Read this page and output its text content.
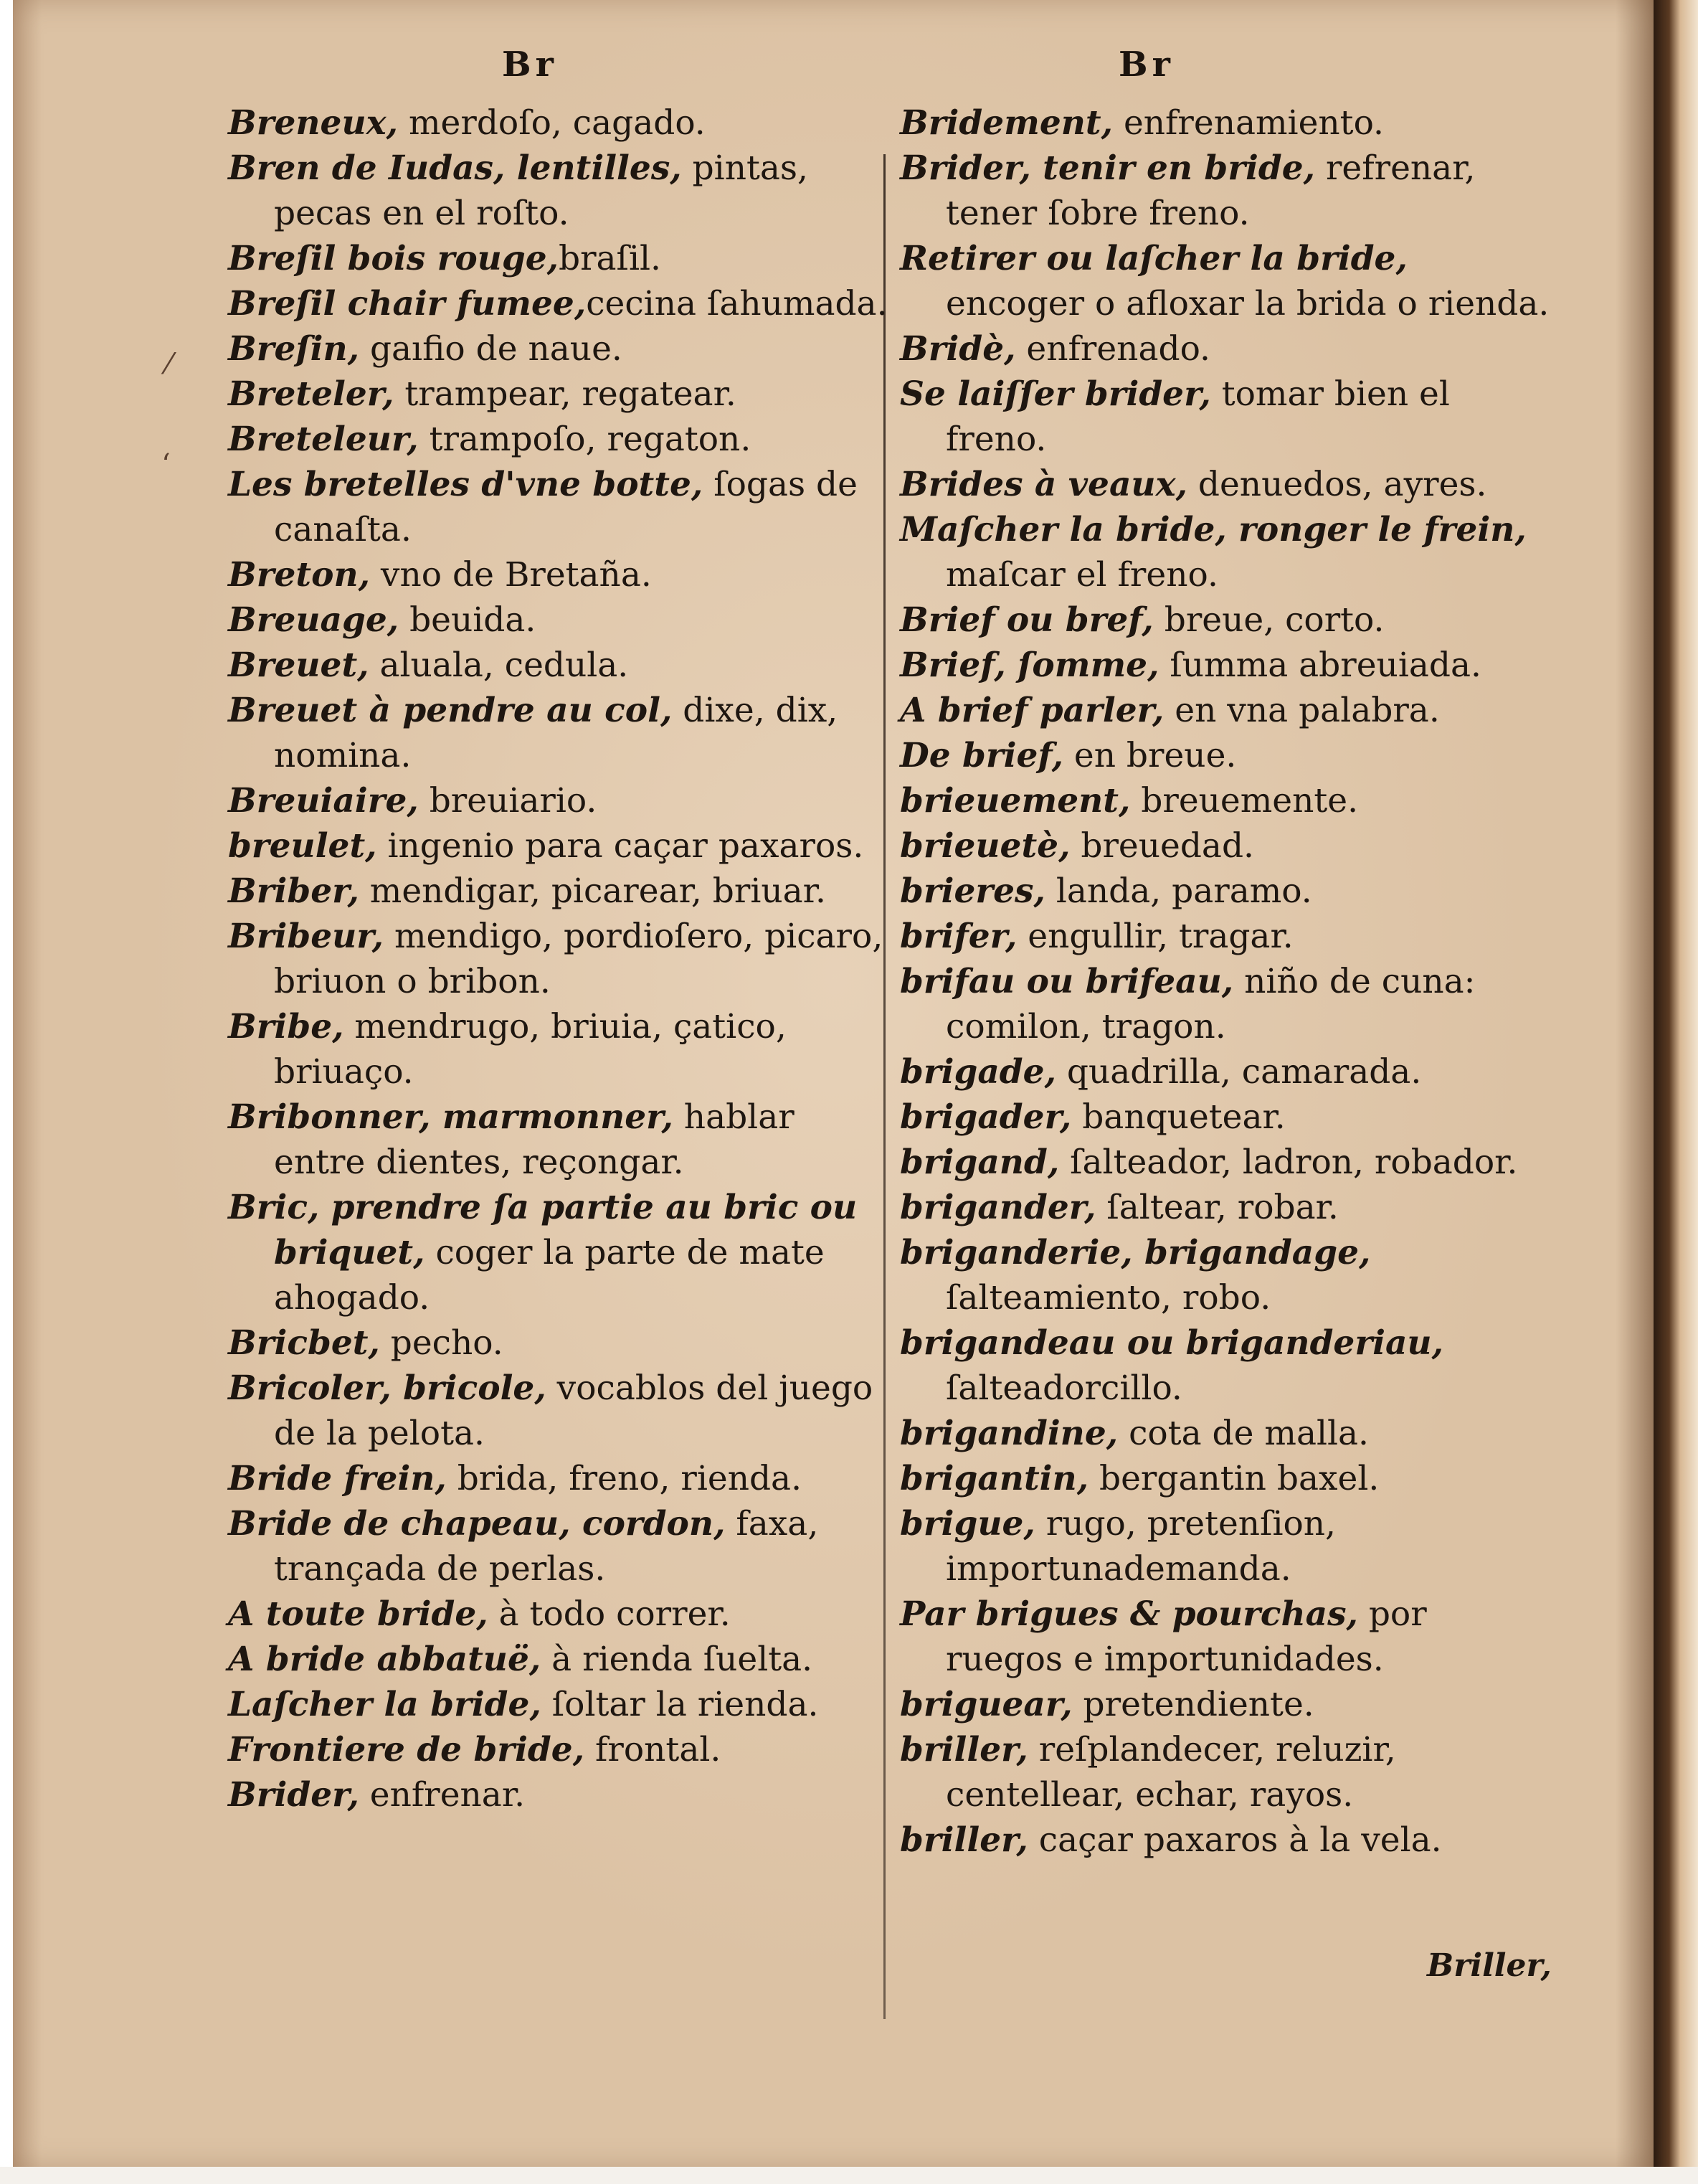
Br	Br
⁄
‘
Breneux, merdoſo, cagado.
Bren de Iudas, lentilles, pintas, pecas en el roſto.
Breſil bois rouge,braſil.
Breſil chair fumee,cecina ſahumada.
Breſin, gaıfio de naue.
Breteler, trampear, regatear.
Breteleur, trampoſo, regaton.
Les bretelles d'vne botte, ſogas de canaſta.
Breton, vno de Bretaña.
Breuage, beuida.
Breuet, aluala, cedula.
Breuet à pendre au col, dixe, dix, nomina.
Breuiaire, breuiario.
breulet, ingenio para caçar paxaros.
Briber, mendigar, picarear, briuar.
Bribeur, mendigo, pordioſero, picaro, briuon o bribon.
Bribe, mendrugo, briuia, çatico, briuaço.
Bribonner, marmonner, hablar entre dientes, reçongar.
Bric, prendre ſa partie au bric ou briquet, coger la parte de mate ahogado.
Bricbet, pecho.
Bricoler, bricole, vocablos del juego de la pelota.
Bride frein, brida, freno, rienda.
Bride de chapeau, cordon, faxa, trançada de perlas.
A toute bride, à todo correr.
A bride abbatuë, à rienda ſuelta.
Laſcher la bride, ſoltar la rienda.
Frontiere de bride, frontal.
Brider, enfrenar.
Bridement, enfrenamiento.
Brider, tenir en bride, refrenar, tener ſobre freno.
Retirer ou laſcher la bride, encoger o afloxar la brida o rienda.
Bridè, enfrenado.
Se laiſſer brider, tomar bien el freno.
Brides à veaux, denuedos, ayres.
Maſcher la bride, ronger le frein, maſcar el freno.
Brief ou bref, breue, corto.
Brief, ſomme, ſumma abreuiada.
A brief parler, en vna palabra.
De brief, en breue.
brieuement, breuemente.
brieuetè, breuedad.
brieres, landa, paramo.
brifer, engullir, tragar.
brifau ou brifeau, niño de cuna: comilon, tragon.
brigade, quadrilla, camarada.
brigader, banquetear.
brigand, ſalteador, ladron, robador.
brigander, ſaltear, robar.
briganderie, brigandage, ſalteamiento, robo.
brigandeau ou briganderiau, ſalteadorcillo.
brigandine, cota de malla.
brigantin, bergantin baxel.
brigue, rugo, pretenſion, importunademanda.
Par brigues & pourchas, por ruegos e importunidades.
briguear, pretendiente.
briller, reſplandecer, reluzir, centellear, echar, rayos.
briller, caçar paxaros à la vela.
Briller,
